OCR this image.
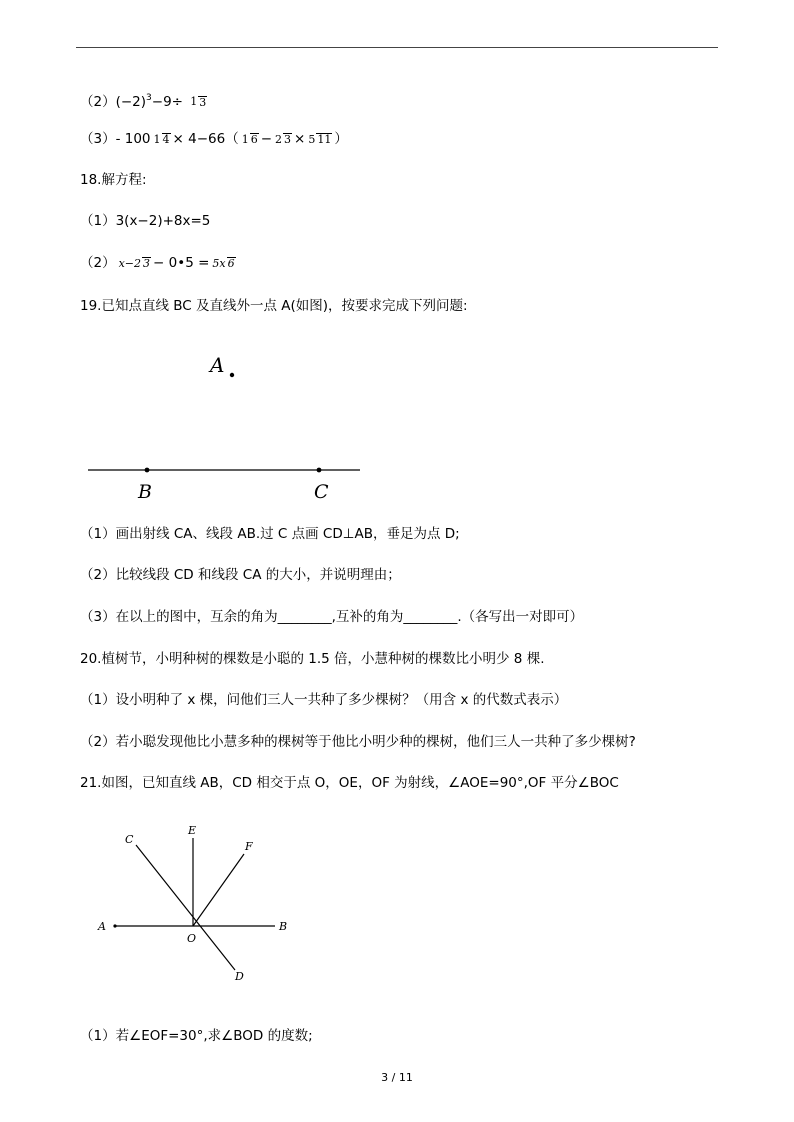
$(2)(-2)^3-9\div 1$ 3
（3）- 100 1 4 × 4−66（1 6−2 3×5 11）
18.解方程:
（1）3(x−2)+8x=5
（2） x−2 3− 0•5 =5x 6
19.已知点直线 BC 及直线外一点 A(如图)，按要求完成下列问题:
A
B	C
（1）画出射线 CA、线段 AB.过 C 点画 CD⊥AB，垂足为点 D;
（2）比较线段 CD 和线段 CA 的大小，并说明理由；
（3）在以上的图中，互余的角为________,互补的角为________.（各写出一对即可）
20.植树节，小明种树的棵数是小聪的 1.5 倍，小慧种树的棵数比小明少 8 棵.
（1）设小明种了 x 棵，问他们三人一共种了多少棵树？（用含 x 的代数式表示）
（2）若小聪发现他比小慧多种的棵树等于他比小明少种的棵树，他们三人一共种了多少棵树?
21.如图，已知直线 AB，CD 相交于点 O，OE，OF 为射线，∠AOE=90°,OF 平分∠BOC
C
E
F
A
O
B
D
（1）若∠EOF=30°,求∠BOD 的度数;
3 / 11
